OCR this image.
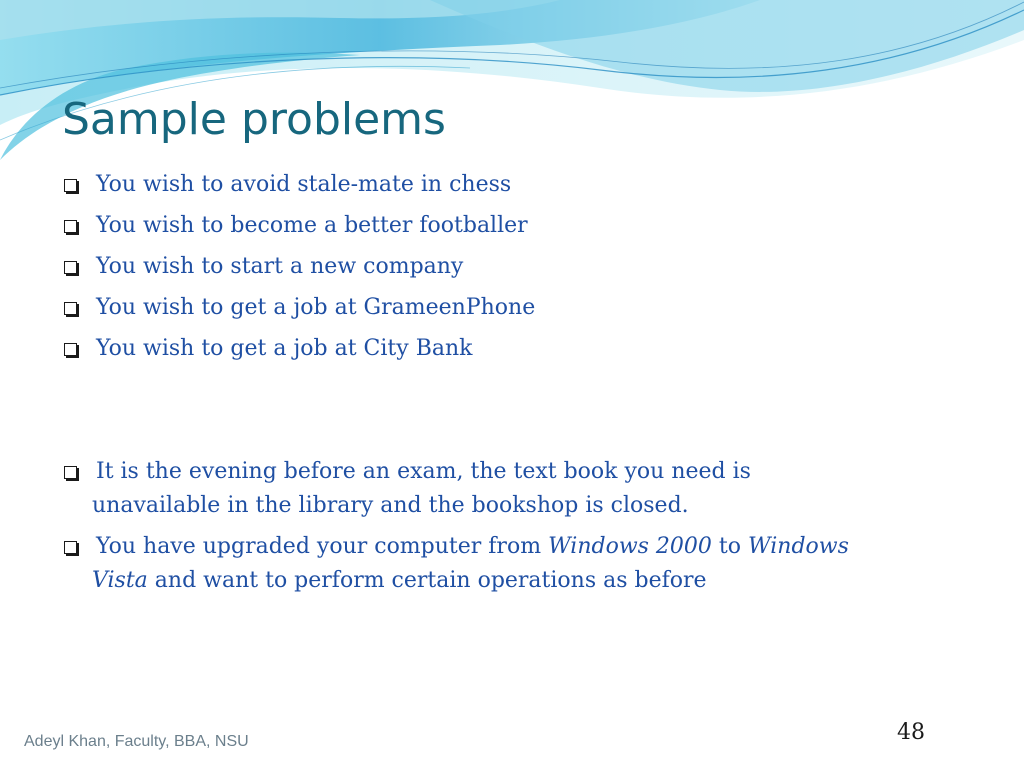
Sample problems
You wish to avoid stale-mate in chess
You wish to become a better footballer
You wish to start a new company
You wish to get a job at GrameenPhone
You wish to get a job at City Bank
It is the evening before an exam, the text book you need is
unavailable in the library and the bookshop is closed.
You have upgraded your computer from Windows 2000 to Windows
Vista and want to perform certain operations as before
Adeyl Khan, Faculty, BBA, NSU	48
